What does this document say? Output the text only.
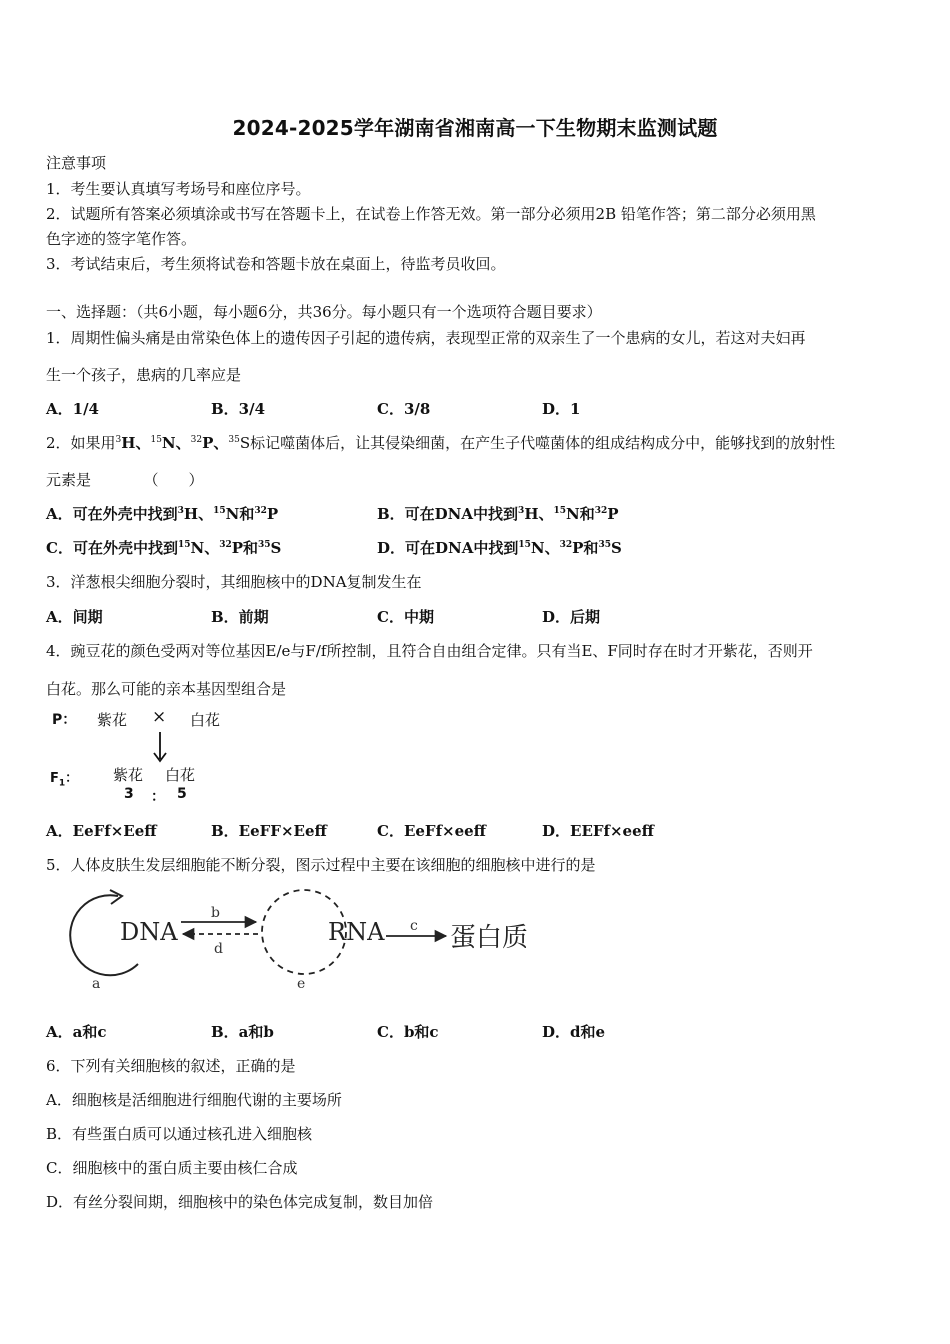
2024-2025学年湖南省湘南高一下生物期末监测试题
注意事项
1．考生要认真填写考场号和座位序号。
2．试题所有答案必须填涂或书写在答题卡上，在试卷上作答无效。第一部分必须用2B 铅笔作答；第二部分必须用黑
色字迹的签字笔作答。
3．考试结束后，考生须将试卷和答题卡放在桌面上，待监考员收回。
一、选择题：（共6小题，每小题6分，共36分。每小题只有一个选项符合题目要求）
1．周期性偏头痛是由常染色体上的遗传因子引起的遗传病，表现型正常的双亲生了一个患病的女儿，若这对夫妇再
生一个孩子，患病的几率应是
A．1/4	B．3/4	C．3/8	D．1
2．如果用$^3$H、$^{15}$N、$^{32}$P、$^{35}$S标记噬菌体后，让其侵染细菌，在产生子代噬菌体的组成结构成分中，能够找到的放射性
元素是　　　　（　　）
A．可在外壳中找到$^3$H、$^{15}$N和$^{32}$P	B．可在DNA中找到$^3$H、$^{15}$N和$^{32}$P
C．可在外壳中找到$^{15}$N、$^{32}$P和$^{35}$S	D．可在DNA中找到$^{15}$N、$^{32}$P和$^{35}$S
3．洋葱根尖细胞分裂时，其细胞核中的DNA复制发生在
A．间期	B．前期	C．中期	D．后期
4．豌豆花的颜色受两对等位基因E/e与F/f所控制，且符合自由组合定律。只有当E、F同时存在时才开紫花，否则开
白花。那么可能的亲本基因型组合是
P： 紫花 × 白花
$F_1$： 紫花 白花
3 ： 5
A．EeFf×Eeff	B．EeFF×Eeff	C．EeFf×eeff	D．EEFf×eeff
5．人体皮肤生发层细胞能不断分裂，图示过程中主要在该细胞的细胞核中进行的是
DNA
a
b
d
RNA
e
c 蛋白质
A．a和c	B．a和b	C．b和c	D．d和e
6．下列有关细胞核的叙述，正确的是
A．细胞核是活细胞进行细胞代谢的主要场所
B．有些蛋白质可以通过核孔进入细胞核
C．细胞核中的蛋白质主要由核仁合成
D．有丝分裂间期，细胞核中的染色体完成复制，数目加倍
